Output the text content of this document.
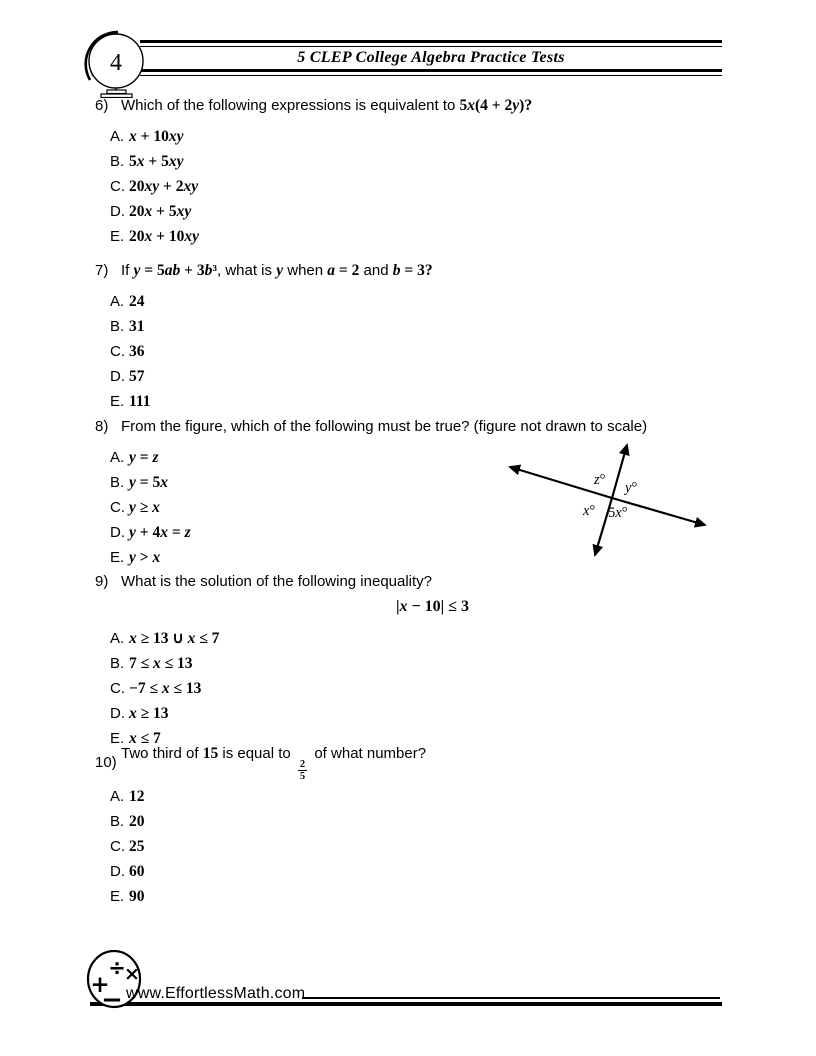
4	5 CLEP College Algebra Practice Tests
6) Which of the following expressions is equivalent to 5x(4 + 2y)?
A. x + 10xy
B. 5x + 5xy
C. 20xy + 2xy
D. 20x + 5xy
E. 20x + 10xy
7) If y = 5ab + 3b³, what is y when a = 2 and b = 3?
A. 24
B. 31
C. 36
D. 57
E. 111
8) From the figure, which of the following must be true? (figure not drawn to scale)
A. y = z
B. y = 5x
C. y ≥ x
D. y + 4x = z
E. y > x
9) What is the solution of the following inequality?
|x − 10| ≤ 3
A. x ≥ 13 ∪ x ≤ 7
B. 7 ≤ x ≤ 13
C. −7 ≤ x ≤ 13
D. x ≥ 13
E. x ≤ 7
10)
Two third of 15 is equal to
$\frac{2}{5}$
of what number?
A. 12
B. 20
C. 25
D. 60
E. 90
z° y°
x° 5x°
÷
×
+
− www.EffortlessMath.com
